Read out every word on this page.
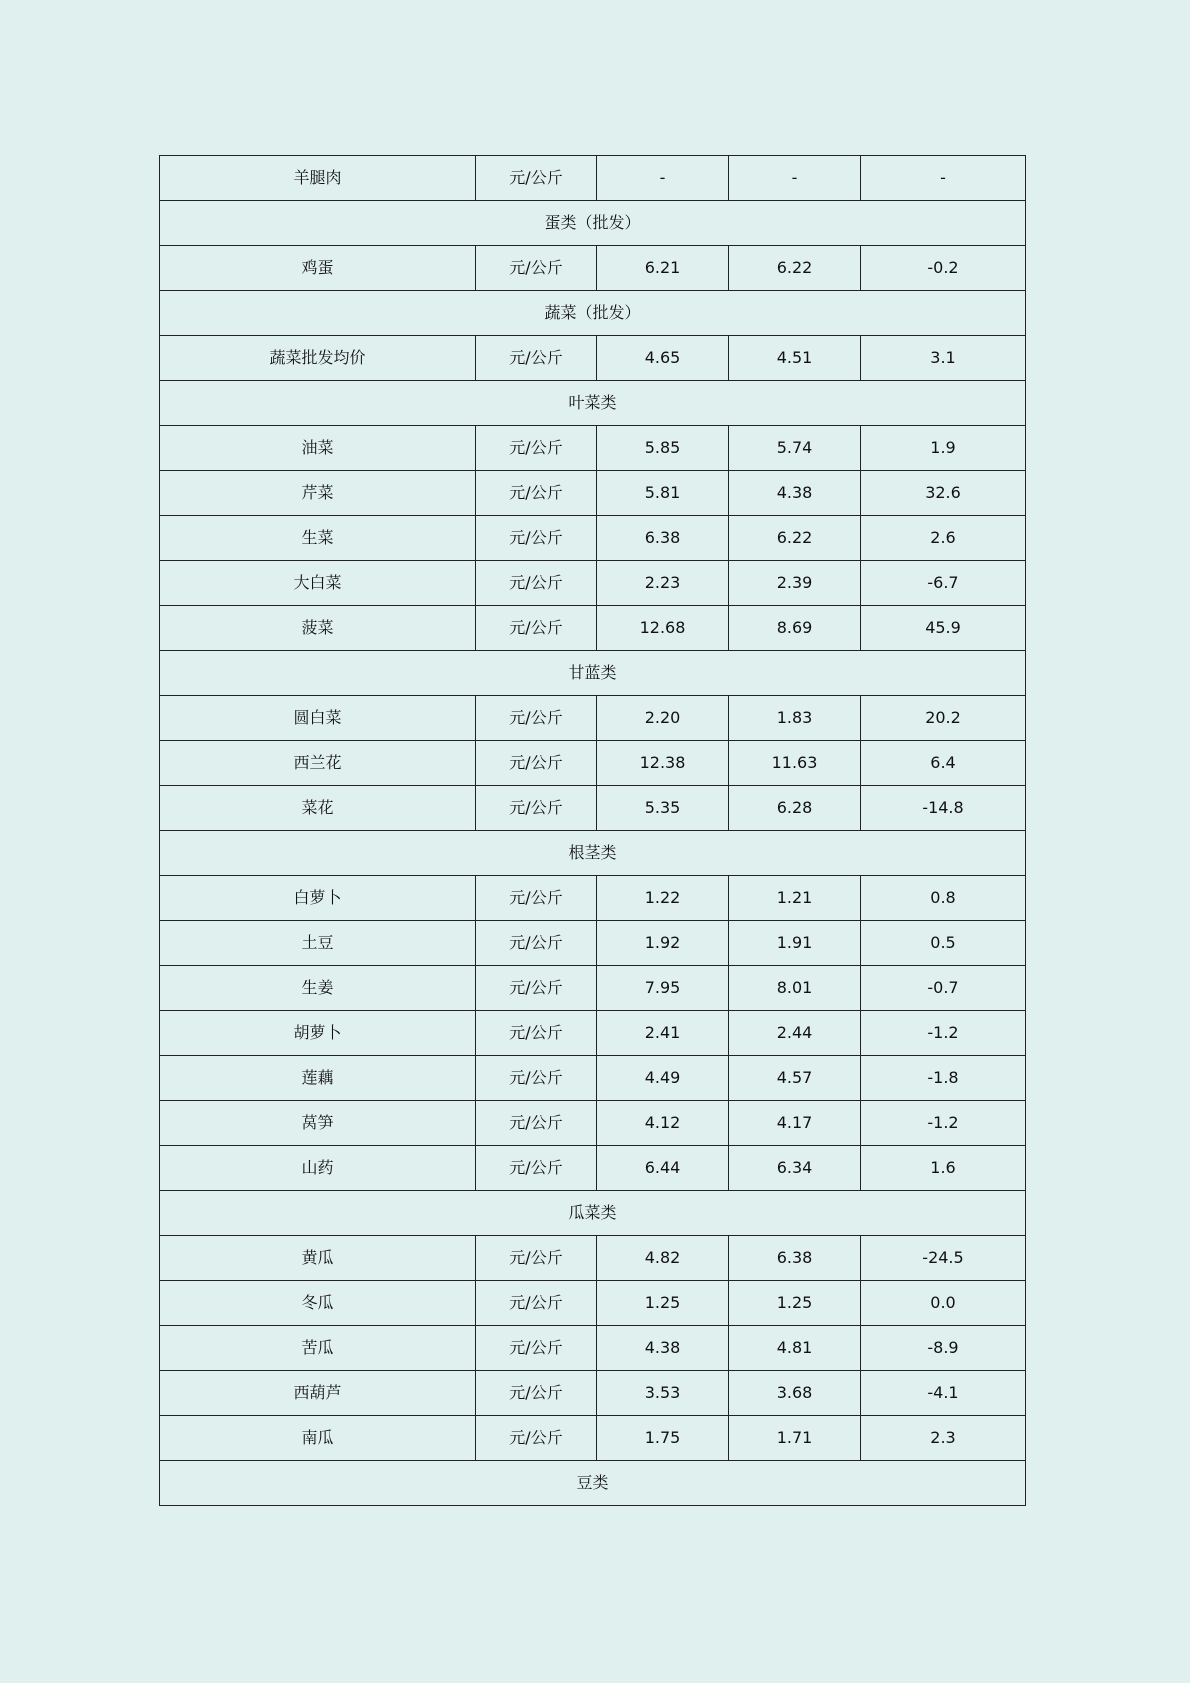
羊腿肉	元/公斤	-	-	-
蛋类（批发）				
鸡蛋	元/公斤	6.21	6.22	-0.2
蔬菜（批发）				
蔬菜批发均价	元/公斤	4.65	4.51	3.1
叶菜类				
油菜	元/公斤	5.85	5.74	1.9
芹菜	元/公斤	5.81	4.38	32.6
生菜	元/公斤	6.38	6.22	2.6
大白菜	元/公斤	2.23	2.39	-6.7
菠菜	元/公斤	12.68	8.69	45.9
甘蓝类				
圆白菜	元/公斤	2.20	1.83	20.2
西兰花	元/公斤	12.38	11.63	6.4
菜花	元/公斤	5.35	6.28	-14.8
根茎类				
白萝卜	元/公斤	1.22	1.21	0.8
土豆	元/公斤	1.92	1.91	0.5
生姜	元/公斤	7.95	8.01	-0.7
胡萝卜	元/公斤	2.41	2.44	-1.2
莲藕	元/公斤	4.49	4.57	-1.8
莴笋	元/公斤	4.12	4.17	-1.2
山药	元/公斤	6.44	6.34	1.6
瓜菜类				
黄瓜	元/公斤	4.82	6.38	-24.5
冬瓜	元/公斤	1.25	1.25	0.0
苦瓜	元/公斤	4.38	4.81	-8.9
西葫芦	元/公斤	3.53	3.68	-4.1
南瓜	元/公斤	1.75	1.71	2.3
豆类				
